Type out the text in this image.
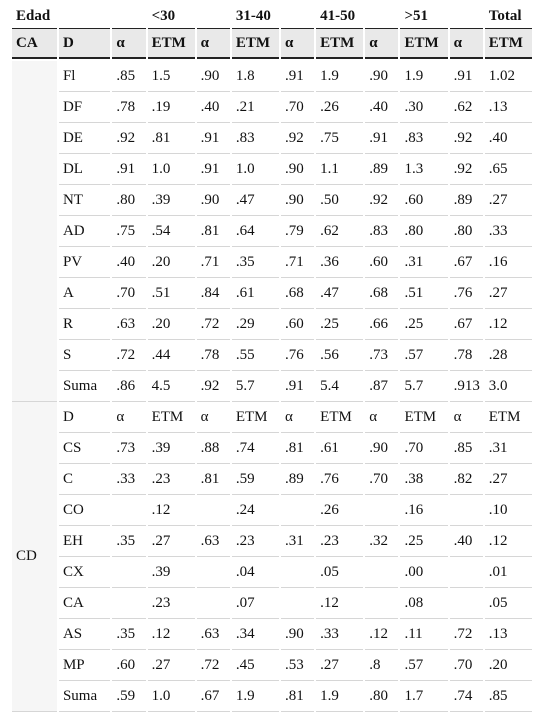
Edad			<30		31-40		41-50		>51		Total
CA	D	α	ETM	α	ETM	α	ETM	α	ETM	α	ETM

	Fl	.85	1.5	.90	1.8	.91	1.9	.90	1.9	.91	1.02
	DF	.78	.19	.40	.21	.70	.26	.40	.30	.62	.13
	DE	.92	.81	.91	.83	.92	.75	.91	.83	.92	.40
	DL	.91	1.0	.91	1.0	.90	1.1	.89	1.3	.92	.65
	NT	.80	.39	.90	.47	.90	.50	.92	.60	.89	.27
	AD	.75	.54	.81	.64	.79	.62	.83	.80	.80	.33
	PV	.40	.20	.71	.35	.71	.36	.60	.31	.67	.16
	A	.70	.51	.84	.61	.68	.47	.68	.51	.76	.27
	R	.63	.20	.72	.29	.60	.25	.66	.25	.67	.12
	S	.72	.44	.78	.55	.76	.56	.73	.57	.78	.28
	Suma	.86	4.5	.92	5.7	.91	5.4	.87	5.7	.913	3.0
CD	D	α	ETM	α	ETM	α	ETM	α	ETM	α	ETM
	CS	.73	.39	.88	.74	.81	.61	.90	.70	.85	.31
	C	.33	.23	.81	.59	.89	.76	.70	.38	.82	.27
	CO		.12		.24		.26		.16		.10
	EH	.35	.27	.63	.23	.31	.23	.32	.25	.40	.12
	CX		.39		.04		.05		.00		.01
	CA		.23		.07		.12		.08		.05
	AS	.35	.12	.63	.34	.90	.33	.12	.11	.72	.13
	MP	.60	.27	.72	.45	.53	.27	.8	.57	.70	.20
	Suma	.59	1.0	.67	1.9	.81	1.9	.80	1.7	.74	.85
